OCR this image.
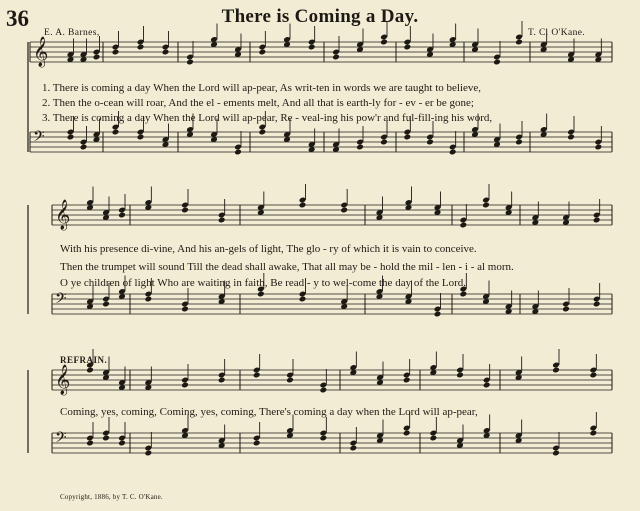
36	There is Coming a Day.
E. A. Barnes,	T. C. O'Kane.
𝄞
𝄢
𝄞
𝄢
𝄞
𝄢
1. There is coming a day When the Lord will ap-pear, As writ-ten in words we are taught to believe,
2. Then the o-cean will roar, And the el - ements melt, And all that is earth-ly for - ev - er be gone;
3. There is coming a day When the Lord will ap-pear, Re - veal-ing his pow'r and ful-fill-ing his word,
With his presence di-vine, And his an-gels of light, The glo - ry of which it is vain to conceive.
Then the trumpet will sound Till the dead shall awake, That all may be - hold the mil - len - i - al morn.
O ye children of light Who are waiting in faith, Be read - y to wel-come the day of the Lord.
REFRAIN.
Coming, yes, coming, Coming, yes, coming, There's coming a day when the Lord will ap-pear,
Copyright, 1886, by T. C. O'Kane.
